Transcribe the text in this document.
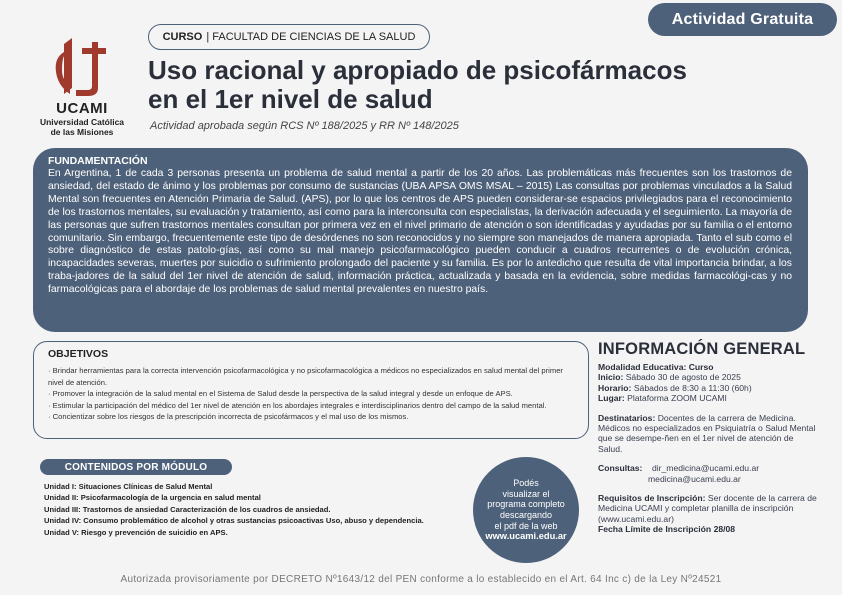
Actividad Gratuita
UCAMI
Universidad Católica
de las Misiones
CURSO | FACULTAD DE CIENCIAS DE LA SALUD
Uso racional y apropiado de psicofármacos
en el 1er nivel de salud
Actividad aprobada según RCS Nº 188/2025 y RR Nº 148/2025
FUNDAMENTACIÓN

En Argentina, 1 de cada 3 personas presenta un problema de salud mental a partir de los 20 años. Las problemáticas más frecuentes son los trastornos de ansiedad, del estado de ánimo y los problemas por consumo de sustancias (UBA APSA OMS MSAL – 2015) Las consultas por problemas vinculados a la Salud Mental son frecuentes en Atención Primaria de Salud. (APS), por lo que los centros de APS pueden considerar-se espacios privilegiados para el reconocimiento de los trastornos mentales, su evaluación y tratamiento, así como para la interconsulta con especialistas, la derivación adecuada y el seguimiento. La mayoría de las personas que sufren trastornos mentales consultan por primera vez en el nivel primario de atención o son identificadas y ayudadas por su familia o el entorno comunitario. Sin embargo, frecuentemente este tipo de desórdenes no son reconocidos y no siempre son manejados de manera apropiada. Tanto el sub como el sobre diagnóstico de estas patolo-gías, así como su mal manejo psicofarmacológico pueden conducir a cuadros recurrentes o de evolución crónica, incapacidades severas, muertes por suicidio o sufrimiento prolongado del paciente y su familia. Es por lo antedicho que resulta de vital importancia brindar, a los traba-jadores de la salud del 1er nivel de atención de salud, información práctica, actualizada y basada en la evidencia, sobre medidas farmacológi-cas y no farmacológicas para el abordaje de los problemas de salud mental prevalentes en nuestro país.

OBJETIVOS
· Brindar herramientas para la correcta intervención psicofarmacológica y no psicofarmacológica a médicos no especializados en salud mental del primer nivel de atención.
· Promover la integración de la salud mental en el Sistema de Salud desde la perspectiva de la salud integral y desde un enfoque de APS.
· Estimular la participación del médico del 1er nivel de atención en los abordajes integrales e interdisciplinarios dentro del campo de la salud mental.
· Concientizar sobre los riesgos de la prescripción incorrecta de psicofármacos y el mal uso de los mismos.
INFORMACIÓN GENERAL
Modalidad Educativa: Curso
Inicio: Sábado 30 de agosto de 2025
Horario: Sábados de 8:30 a 11:30 (60h)
Lugar: Plataforma ZOOM UCAMI
Destinatarios: Docentes de la carrera de Medicina. Médicos no especializados en Psiquiatría o Salud Mental que se desempe-ñen en el 1er nivel de atención de Salud.
Consultas: dir_medicina@ucami.edu.ar
medicina@ucami.edu.ar
Requisitos de Inscripción: Ser docente de la carrera de Medicina UCAMI y completar planilla de inscripción (www.ucami.edu.ar)
Fecha Límite de Inscripción 28/08
CONTENIDOS POR MÓDULO
Unidad I: Situaciones Clínicas de Salud Mental
Unidad II: Psicofarmacología de la urgencia en salud mental
Unidad III: Trastornos de ansiedad Caracterización de los cuadros de ansiedad.
Unidad IV: Consumo problemático de alcohol y otras sustancias psicoactivas Uso, abuso y dependencia.
Unidad V: Riesgo y prevención de suicidio en APS.
Podés
visualizar el
programa completo
descargando
el pdf de la web
www.ucami.edu.ar
Autorizada provisoriamente por DECRETO Nº1643/12 del PEN conforme a lo establecido en el Art. 64 Inc c) de la Ley Nº24521
